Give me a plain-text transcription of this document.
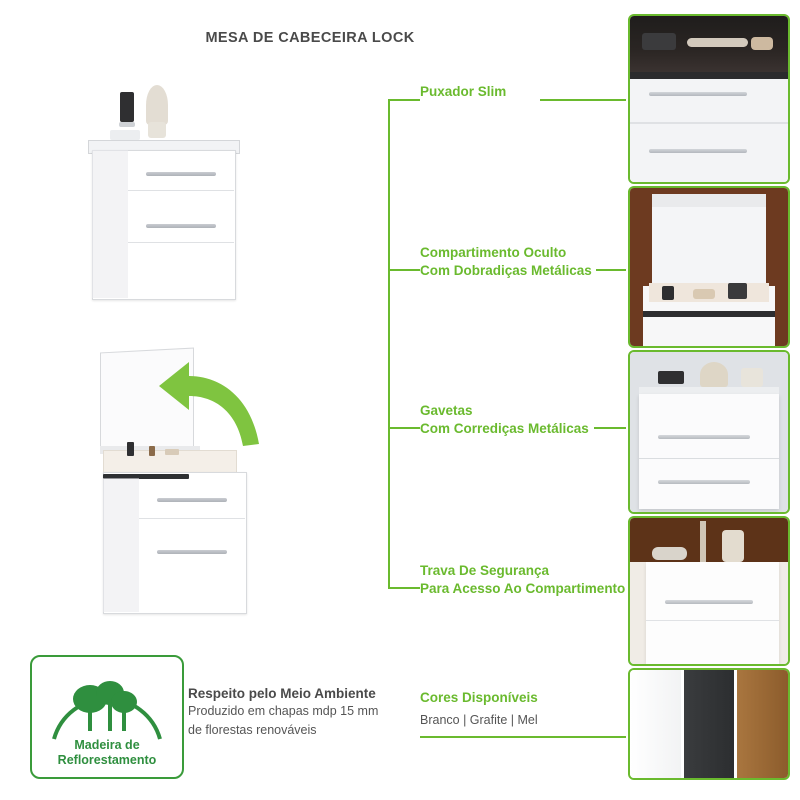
MESA DE CABECEIRA LOCK
Puxador Slim
Compartimento Oculto
Com Dobradiças Metálicas
Gavetas
Com Corrediças Metálicas
Trava De Segurança
Para Acesso Ao Compartimento
Cores Disponíveis
Branco | Grafite | Mel
Madeira de
Reflorestamento
Respeito pelo Meio Ambiente
Produzido em chapas mdp 15 mm
de florestas renováveis
